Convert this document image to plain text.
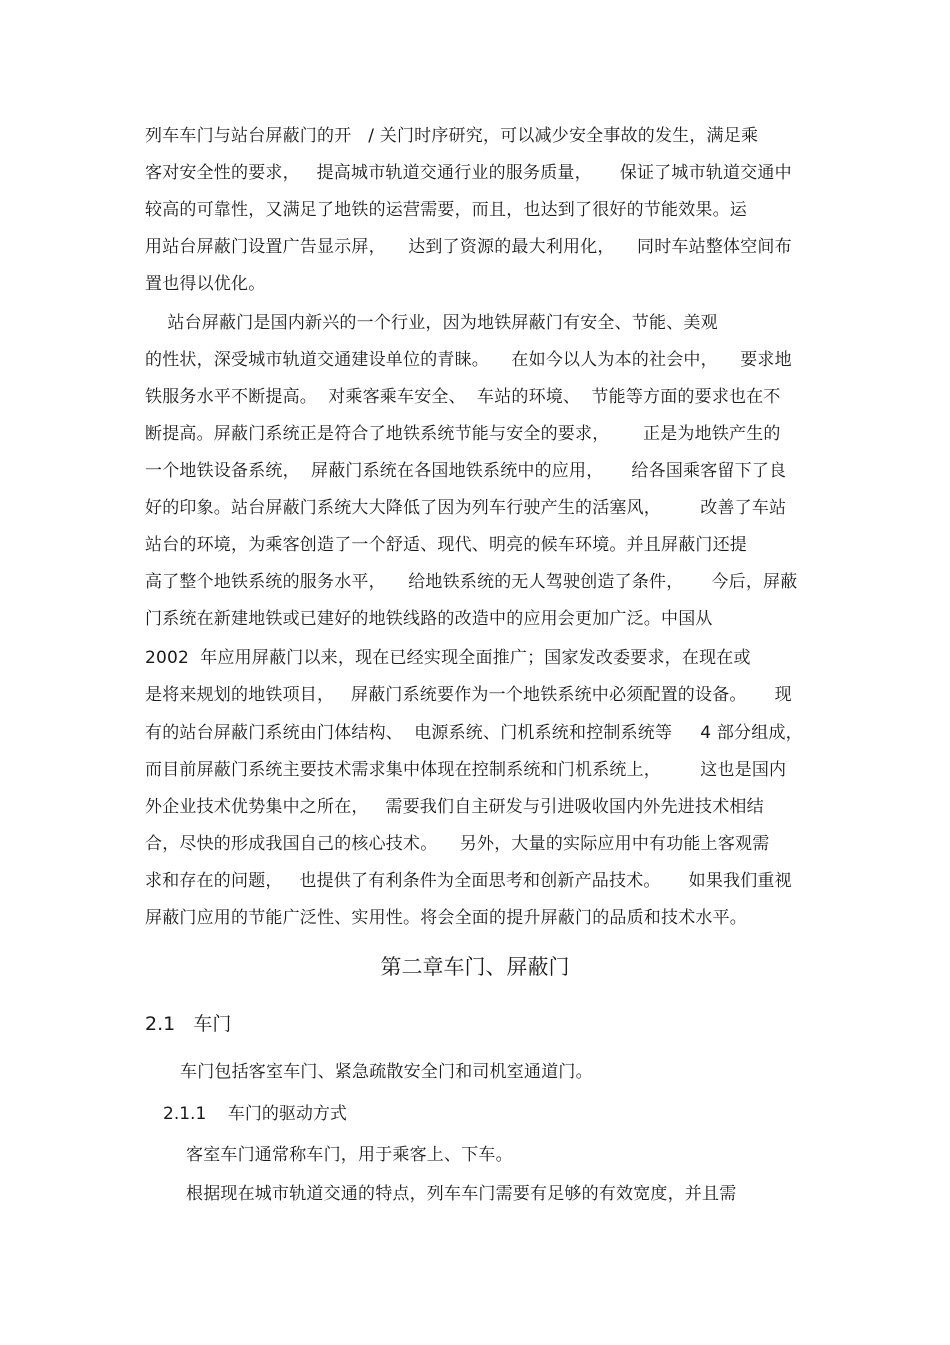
列车车门与站台屏蔽门的开   / 关门时序研究，可以减少安全事故的发生，满足乘
客对安全性的要求，   提高城市轨道交通行业的服务质量，     保证了城市轨道交通中
较高的可靠性，又满足了地铁的运营需要，而且，也达到了很好的节能效果。运
用站台屏蔽门设置广告显示屏，    达到了资源的最大利用化，    同时车站整体空间布
置也得以优化。
站台屏蔽门是国内新兴的一个行业，因为地铁屏蔽门有安全、节能、美观
的性状，深受城市轨道交通建设单位的青睐。    在如今以人为本的社会中，    要求地
铁服务水平不断提高。  对乘客乘车安全、  车站的环境、  节能等方面的要求也在不
断提高。屏蔽门系统正是符合了地铁系统节能与安全的要求，      正是为地铁产生的
一个地铁设备系统，  屏蔽门系统在各国地铁系统中的应用，     给各国乘客留下了良
好的印象。站台屏蔽门系统大大降低了因为列车行驶产生的活塞风，       改善了车站
站台的环境，为乘客创造了一个舒适、现代、明亮的候车环境。并且屏蔽门还提
高了整个地铁系统的服务水平，    给地铁系统的无人驾驶创造了条件，     今后，屏蔽
门系统在新建地铁或已建好的地铁线路的改造中的应用会更加广泛。中国从
2002  年应用屏蔽门以来，现在已经实现全面推广；国家发改委要求，在现在或
是将来规划的地铁项目，   屏蔽门系统要作为一个地铁系统中必须配置的设备。     现
有的站台屏蔽门系统由门体结构、  电源系统、门机系统和控制系统等     4 部分组成，
而目前屏蔽门系统主要技术需求集中体现在控制系统和门机系统上，       这也是国内
外企业技术优势集中之所在，   需要我们自主研发与引进吸收国内外先进技术相结
合，尽快的形成我国自己的核心技术。    另外，大量的实际应用中有功能上客观需
求和存在的问题，   也提供了有利条件为全面思考和创新产品技术。     如果我们重视
屏蔽门应用的节能广泛性、实用性。将会全面的提升屏蔽门的品质和技术水平。
第二章车门、屏蔽门
2.1   车门
车门包括客室车门、紧急疏散安全门和司机室通道门。
2.1.1    车门的驱动方式
客室车门通常称车门，用于乘客上、下车。
根据现在城市轨道交通的特点，列车车门需要有足够的有效宽度，并且需
